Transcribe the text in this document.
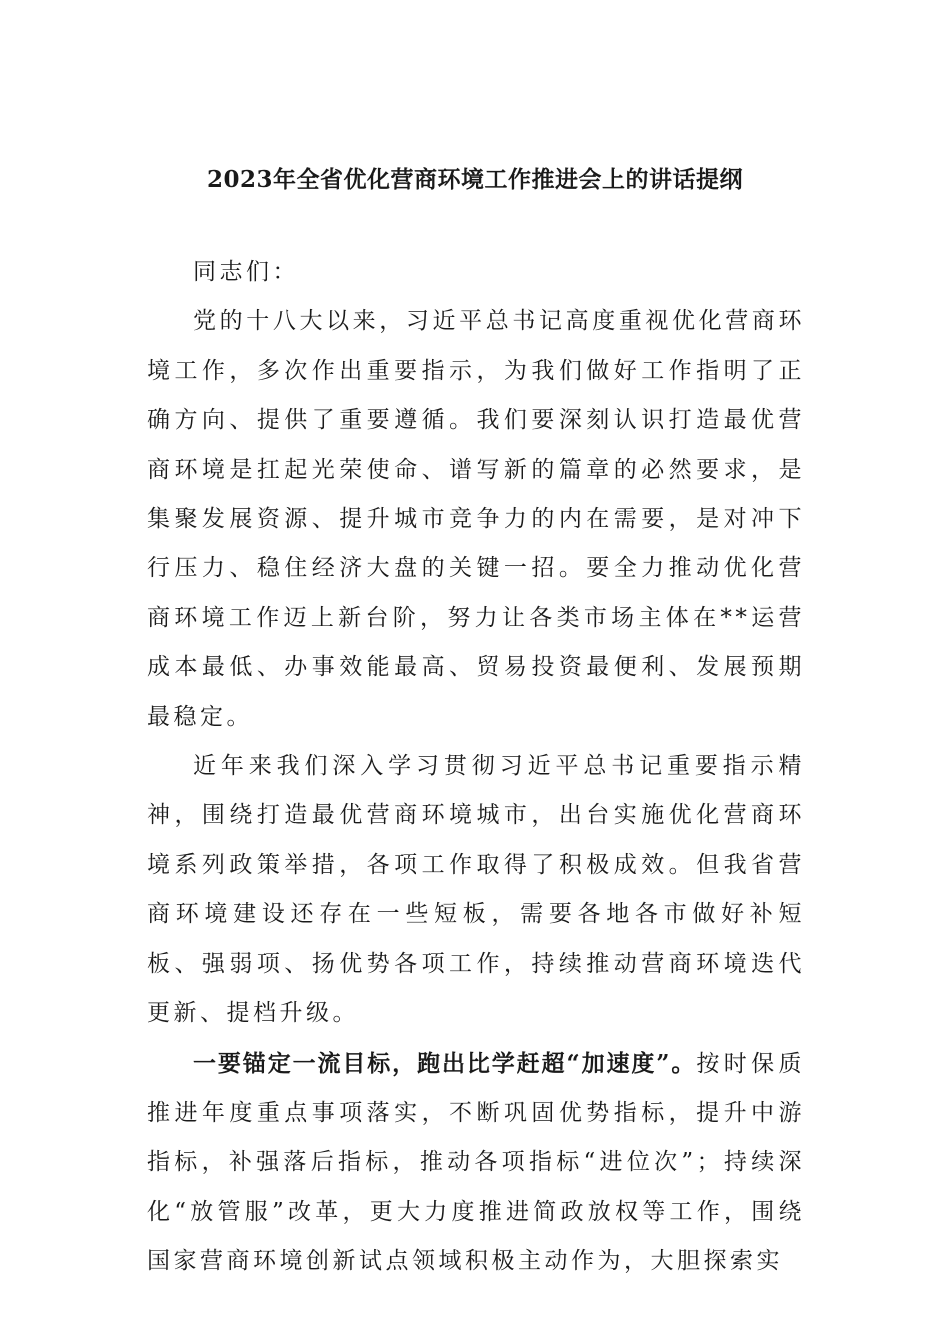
2023年全省优化营商环境工作推进会上的讲话提纲

同志们：

党的十八大以来，习近平总书记高度重视优化营商环境工作，多次作出重要指示，为我们做好工作指明了正确方向、提供了重要遵循。我们要深刻认识打造最优营商环境是扛起光荣使命、谱写新的篇章的必然要求，是集聚发展资源、提升城市竞争力的内在需要，是对冲下行压力、稳住经济大盘的关键一招。要全力推动优化营商环境工作迈上新台阶，努力让各类市场主体在**运营成本最低、办事效能最高、贸易投资最便利、发展预期最稳定。

近年来我们深入学习贯彻习近平总书记重要指示精神，围绕打造最优营商环境城市，出台实施优化营商环境系列政策举措，各项工作取得了积极成效。但我省营商环境建设还存在一些短板，需要各地各市做好补短板、强弱项、扬优势各项工作，持续推动营商环境迭代更新、提档升级。

一要锚定一流目标，跑出比学赶超“加速度”。按时保质推进年度重点事项落实，不断巩固优势指标，提升中游指标，补强落后指标，推动各项指标“进位次”；持续深化“放管服”改革，更大力度推进简政放权等工作，围绕国家营商环境创新试点领域积极主动作为，大胆探索实
